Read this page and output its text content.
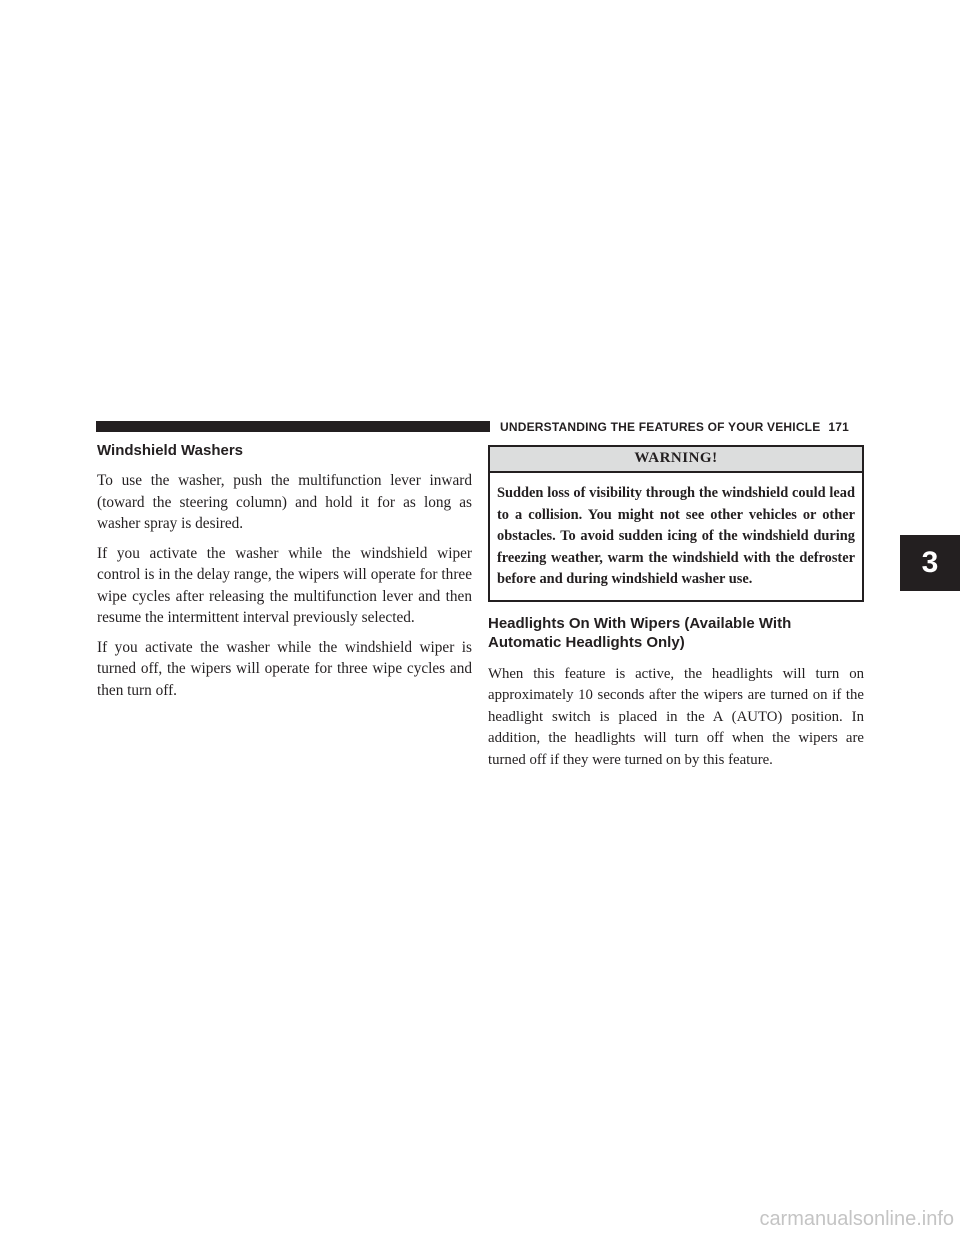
UNDERSTANDING THE FEATURES OF YOUR VEHICLE 171
Windshield Washers

To use the washer, push the multifunction lever inward (toward the steering column) and hold it for as long as washer spray is desired.

If you activate the washer while the windshield wiper control is in the delay range, the wipers will operate for three wipe cycles after releasing the multifunction lever and then resume the intermittent interval previously selected.

If you activate the washer while the windshield wiper is turned off, the wipers will operate for three wipe cycles and then turn off.

WARNING!
Sudden loss of visibility through the windshield could lead to a collision. You might not see other vehicles or other obstacles. To avoid sudden icing of the windshield during freezing weather, warm the windshield with the defroster before and during windshield washer use.
Headlights On With Wipers (Available With Automatic Headlights Only)

When this feature is active, the headlights will turn on approximately 10 seconds after the wipers are turned on if the headlight switch is placed in the A (AUTO) position. In addition, the headlights will turn off when the wipers are turned off if they were turned on by this feature.

3
carmanualsonline.info
